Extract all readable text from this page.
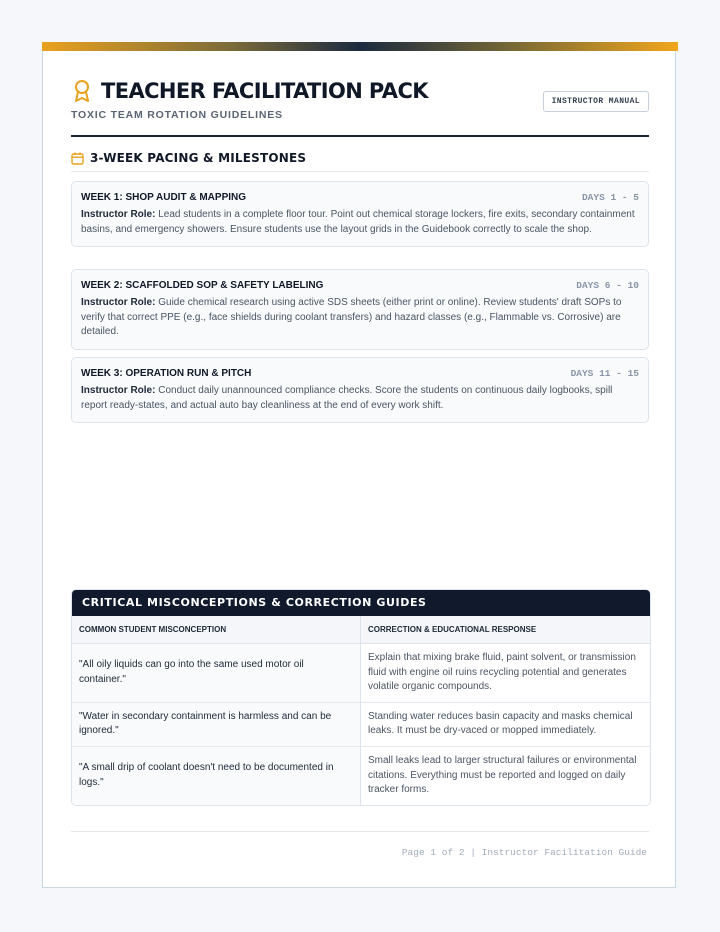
TEACHER FACILITATION PACK
TOXIC TEAM ROTATION GUIDELINES
INSTRUCTOR MANUAL
3-WEEK PACING & MILESTONES
WEEK 1: SHOP AUDIT & MAPPING	DAYS 1 - 5
Instructor Role: Lead students in a complete floor tour. Point out chemical storage lockers, fire exits, secondary containment basins, and emergency showers. Ensure students use the layout grids in the Guidebook correctly to scale the shop.
WEEK 2: SCAFFOLDED SOP & SAFETY LABELING	DAYS 6 - 10
Instructor Role: Guide chemical research using active SDS sheets (either print or online). Review students' draft SOPs to verify that correct PPE (e.g., face shields during coolant transfers) and hazard classes (e.g., Flammable vs. Corrosive) are detailed.
WEEK 3: OPERATION RUN & PITCH	DAYS 11 - 15
Instructor Role: Conduct daily unannounced compliance checks. Score the students on continuous daily logbooks, spill report ready-states, and actual auto bay cleanliness at the end of every work shift.
CRITICAL MISCONCEPTIONS & CORRECTION GUIDES
COMMON STUDENT MISCONCEPTION	CORRECTION & EDUCATIONAL RESPONSE
"All oily liquids can go into the same used motor oil container."	Explain that mixing brake fluid, paint solvent, or transmission fluid with engine oil ruins recycling potential and generates volatile organic compounds.
"Water in secondary containment is harmless and can be ignored."	Standing water reduces basin capacity and masks chemical leaks. It must be dry-vaced or mopped immediately.
"A small drip of coolant doesn't need to be documented in logs."	Small leaks lead to larger structural failures or environmental citations. Everything must be reported and logged on daily tracker forms.
Page 1 of 2 | Instructor Facilitation Guide
